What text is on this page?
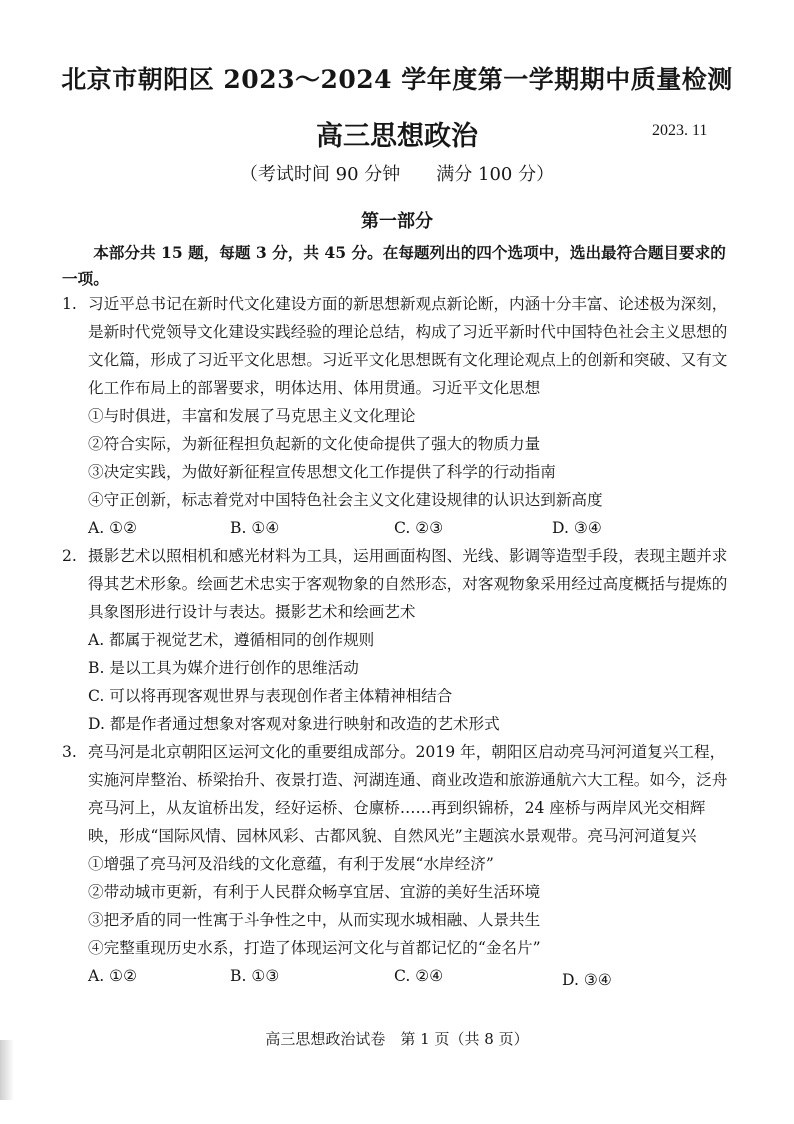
北京市朝阳区 2023～2024 学年度第一学期期中质量检测
高三思想政治	2023. 11
（考试时间 90 分钟　　满分 100 分）
第一部分
本部分共 15 题，每题 3 分，共 45 分。在每题列出的四个选项中，选出最符合题目要求的一项。
1. 习近平总书记在新时代文化建设方面的新思想新观点新论断，内涵十分丰富、论述极为深刻，是新时代党领导文化建设实践经验的理论总结，构成了习近平新时代中国特色社会主义思想的文化篇，形成了习近平文化思想。习近平文化思想既有文化理论观点上的创新和突破、又有文化工作布局上的部署要求，明体达用、体用贯通。习近平文化思想
①与时俱进，丰富和发展了马克思主义文化理论
②符合实际，为新征程担负起新的文化使命提供了强大的物质力量
③决定实践，为做好新征程宣传思想文化工作提供了科学的行动指南
④守正创新，标志着党对中国特色社会主义文化建设规律的认识达到新高度
A. ①②	B. ①④	C. ②③	D. ③④
2. 摄影艺术以照相机和感光材料为工具，运用画面构图、光线、影调等造型手段，表现主题并求得其艺术形象。绘画艺术忠实于客观物象的自然形态，对客观物象采用经过高度概括与提炼的具象图形进行设计与表达。摄影艺术和绘画艺术
A. 都属于视觉艺术，遵循相同的创作规则
B. 是以工具为媒介进行创作的思维活动
C. 可以将再现客观世界与表现创作者主体精神相结合
D. 都是作者通过想象对客观对象进行映射和改造的艺术形式
3. 亮马河是北京朝阳区运河文化的重要组成部分。2019 年，朝阳区启动亮马河河道复兴工程，实施河岸整治、桥梁抬升、夜景打造、河湖连通、商业改造和旅游通航六大工程。如今，泛舟亮马河上，从友谊桥出发，经好运桥、仓廪桥……再到织锦桥，24 座桥与两岸风光交相辉映，形成“国际风情、园林风彩、古都风貌、自然风光”主题滨水景观带。亮马河河道复兴
①增强了亮马河及沿线的文化意蕴，有利于发展“水岸经济”
②带动城市更新，有利于人民群众畅享宜居、宜游的美好生活环境
③把矛盾的同一性寓于斗争性之中，从而实现水城相融、人景共生
④完整重现历史水系，打造了体现运河文化与首都记忆的“金名片”
A. ①②	B. ①③	C. ②④	D. ③④
高三思想政治试卷　第 1 页（共 8 页）
